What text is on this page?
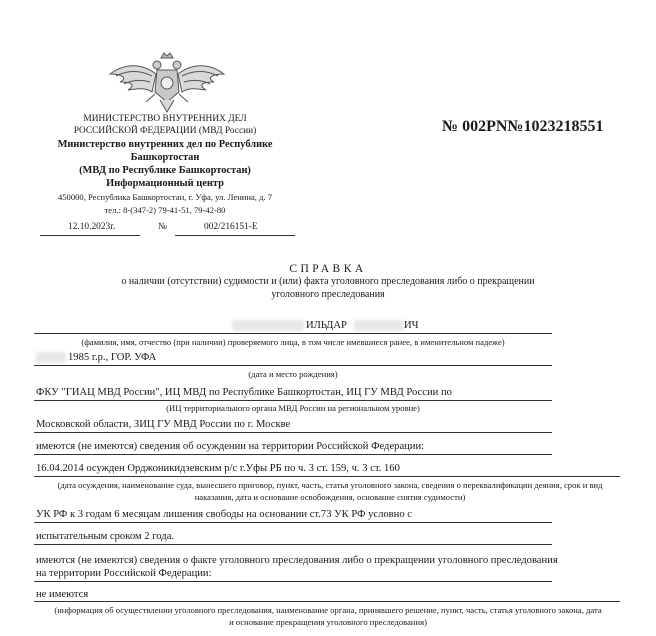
МИНИСТЕРСТВО ВНУТРЕННИХ ДЕЛ
РОССИЙСКОЙ ФЕДЕРАЦИИ (МВД России)
Министерство внутренних дел по Республике
Башкортостан
(МВД по Республике Башкортостан)
Информационный центр
450000, Республика Башкортостан, г. Уфа, ул. Ленина, д. 7
тел.: 8-(347-2) 79-41-51, 79-42-80
12.10.2023г.	№	002/216151-Е
№ 002РN№1023218551
СПРАВКА
о наличии (отсутствии) судимости и (или) факта уголовного преследования либо о прекращении
уголовного преследования
ИЛЬДАР	ИЧ
(фамилия, имя, отчество (при наличии) проверяемого лица, в том числе имевшиеся ранее, в именительном падеже)
1985 г.р., ГОР. УФА
(дата и место рождения)
ФКУ "ГИАЦ МВД России", ИЦ МВД по Республике Башкортостан, ИЦ ГУ МВД России по
(ИЦ территориального органа МВД России на региональном уровне)
Московской области, ЗИЦ ГУ МВД России по г. Москве
имеются (не имеются) сведения об осуждении на территории Российской Федерации:
16.04.2014 осужден Орджоникидзевским р/с г.Уфы РБ по ч. 3 ст. 159, ч. 3 ст. 160
(дата осуждения, наименование суда, вынесшего приговор, пункт, часть, статья уголовного закона, сведения о переквалификации деяния, срок и вид
наказания, дата и основание освобождения, основание снятия судимости)
УК РФ к 3 годам 6 месяцам лишения свободы на основании ст.73 УК РФ условно с
испытательным сроком 2 года.
имеются (не имеются) сведения о факте уголовного преследования либо о прекращении уголовного преследования
на территории Российской Федерации:
не имеются
(информация об осуществлении уголовного преследования, наименование органа, принявшего решение, пункт, часть, статья уголовного закона, дата
и основание прекращения уголовного преследования)
